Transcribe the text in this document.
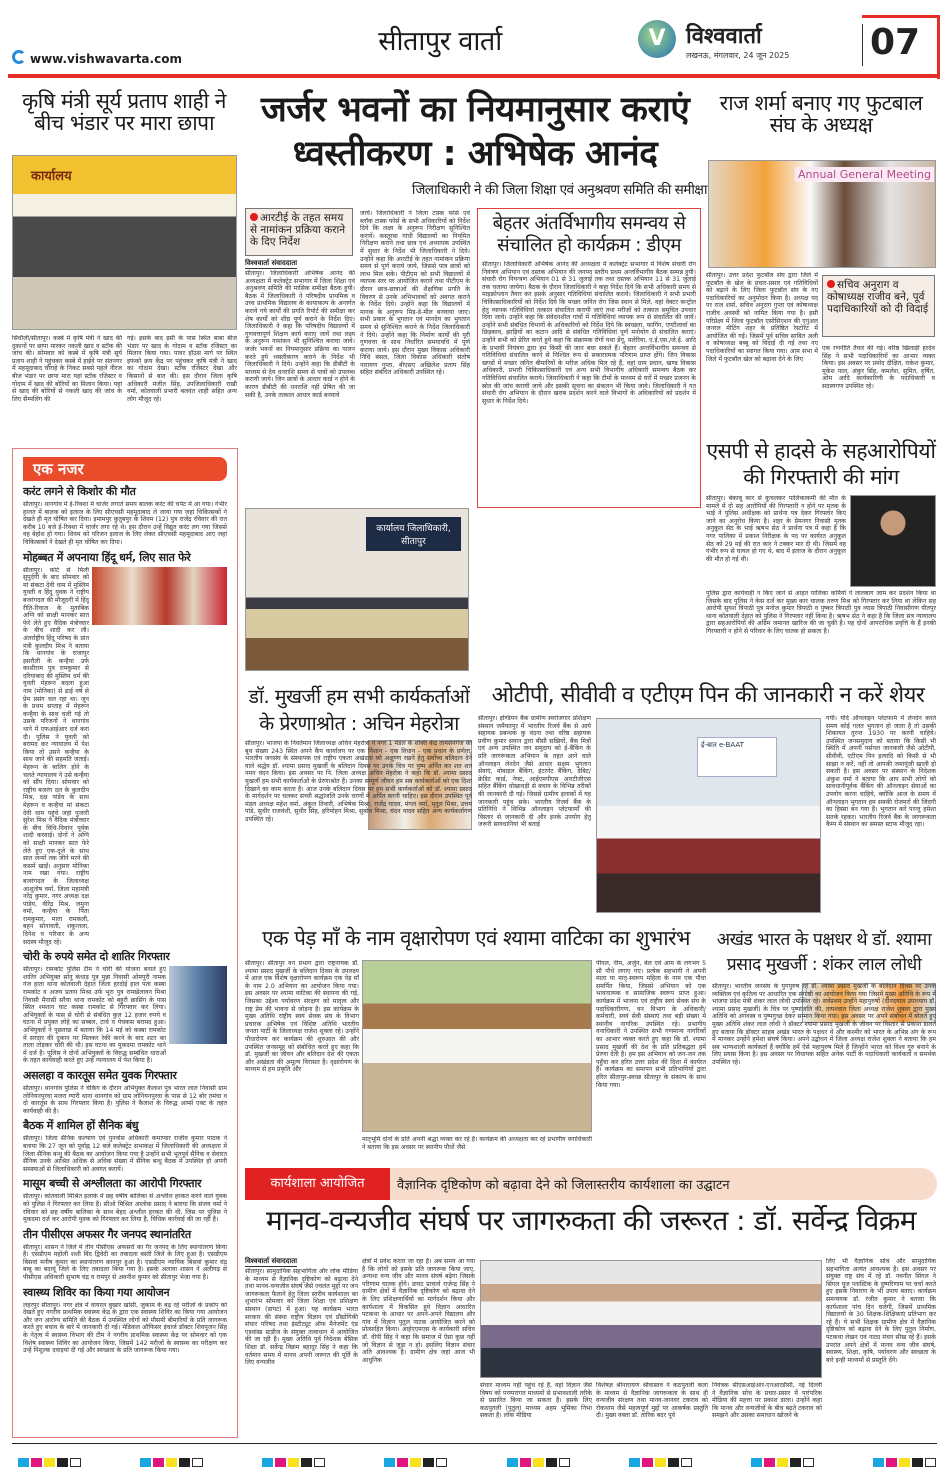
www.vishwavarta.com
सीतापुर वार्ता	V विश्ववार्ता
लखनऊ, मंगलवार, 24 जून 2025 07
कृषि मंत्री सूर्य प्रताप शाही ने बीच भंडार पर मारा छापा
कार्यालय
सिधौली/सीतापुर। कस्बे में कृषि मंत्री ने खाद की दुकानों पर छापा मारकर नकली खाद व स्टॉक की जांच की। सोमवार को कस्बे में कृषि मंत्री सूर्य प्रताप शाही ने पहुंचकर कस्बे में हाईवे पर संतनगर में महमूदाबाद चौराहे के निकट सबसे पहले नीरज बीज भंडार पर छापा मारा यहां स्टॉक रजिस्टर व गोदाम में खाद की बोरियों का मिलान किया। यहां से खाद की बोरियों से नकली खाद की जांच के लिए सैम्पलिंग की
गई। इसके बाद इसी के पास स्थित बाबा बीज भंडार पर खाद के गोदाम व स्टॉक रजिस्टर का मिलान किया गया। पावर हॉउस मार्ग पर स्थित इफको क्रय केंद्र पर पहुंचकर कृषि मंत्री ने खाद का गोदाम देखा। स्टॉक रजिस्टर देखा और किसानों से बात की। इस दौरान जिला कृषि अधिकारी मंजीत सिंह, उपजिलाधिकारी राखी वर्मा, कोतवाली प्रभारी बलवंत शाही सहित अन्य लोग मौजूद रहे।
एक नजर
करंट लगने से किशोर की मौत
सीतापुर। थानगांव में ई-रिक्शा में चार्जर लगाते समय बालक करंट की चपेट में आ गया। गंभीर हालत में बालक को इलाज के लिए सीएचसी महमूदाबाद ले जाया गया जहां चिकित्सकों ने देखते ही मृत घोषित कर दिया। इमामपुर कुतुबपुर के शिवम (12) पुत्र राजेंद्र रविवार की रात करीब 10 बजे ई-रिक्शा में चार्जर लगा रहे थे। इस दौरान उन्हें विद्युत करंट लग गया जिससे वह बेहोश हो गया। शिवम को परिजन इलाज के लिए लेकर सीएचसी महमूदाबाद आए जहां चिकित्सकों ने देखते ही मृत घोषित कर दिया।
मोहब्बत में अपनाया हिंदू धर्म, लिए सात फेरे
सीतापुर। कोर्ट से मिली सुपुर्दगी के बाद सोमवार को मां संकटा देवी धाम में मुस्लिम युवती व हिंदू युवक ने राष्ट्रीय बजरंगदल की मौजूदगी में हिंदू रीति-रिवाज के मुताबिक अग्नि को साक्षी मानकर सात फेरे लेते हुए वैदिक मंत्रोच्चार के बीच शादी कर ली। अंतर्राष्ट्रीय हिंदू परिषद के प्रांत मंत्री कुलदीप मिश्र ने बताया कि थानगांव के राजापुर इसरौली के कन्हैया उर्फ काशीराम पुत्र रामकुमार से दरियाबाद की मुस्लिम धर्म की युवती मेहरून बदला हुआ नाम (मोनिका) से ढाई वर्ष से प्रेम प्रसंग चल रहा था। जून के प्रथम सप्ताह में मेहरून कन्हैया के साथ चली गई तो उसके परिजनों ने थानगांव थाने में एफआईआर दर्ज करा दी। पुलिस ने युवती को बरामद कर न्यायालय में पेश किया तो उसने कन्हैया के साथ जाने की सहमति जताई। मेहरून के बालिग होने के चलते न्यायालय ने उसे कन्हैया को सौंप दिया। सोमवार को राष्ट्रीय बजरंग दल के कुलदीप मिश्र, दक्ष पांडेय के साथ मेहरून व कन्हैया मां संकटा देवी धाम पहुंचे जहां पुजारी सुरेश मिश्र ने वैदिक मंत्रोच्चार के बीच विधि-विधान पूर्वक शादी करवाई। दोनों ने अग्नि को साक्षी मानकर सात फेरे लेते हुए एक-दूजे के साथ सात जन्मों तक जीने मरने की कसमें खाईं। अनुसार मोनिका नाम रखा गया। राष्ट्रीय बजरंगदल के जिलाध्यक्ष आशुतोष वर्मा, जिला महामंत्री नरेंद्र कुमार, नगर अध्यक्ष दक्ष पांडेय, वीरेंद्र मिश्र, जमुना वर्मा, कन्हैया के पिता रामकुमार, माता रामकली, बहन सोनावती, शकुन्तला, दिनेश व परिवार के अन्य सदस्य मौजूद रहे।
चोरी के रुपये समेत दो शातिर गिरफ्तार
सीतापुर। रामकोट पुलिस टीम ने चोरी की योजना बनाते हुए शातिर अभियुक्त सोनू कंधाड़ पुत्र मुन्ना निवासी ओमपुरी नामक गंज हाता थाना कोतवाली देहात जिला हरदोई हाल पता कस्बा रामकोट व अजय प्रताप मिश्रा उर्फ भूरा पुत्र रामखेलावन मिश्रा निवासी मैनासी सरैया थाना रामकोट को बहुरी क्रासिंग के पास स्थित श्मशान घाट कस्बा रामकोट से गिरफ्तार कर लिया। अभियुक्तों के पास से चोरी से संबंधित कुल 12 हजार रुपये व घटना में प्रयुक्त लोहे का सब्बल, टार्च व पेचकस बरामद हुआ। अभियुक्तों ने पूछताछ में बताया कि 14 मई को कस्बा रामकोट में सरदार की दुकान पर मिलकर रेकी करने के बाद शटर का ताला तोड़कर चोरी की थी। इस घटना का मुकदमा रामकोट थाने में दर्ज है। पुलिस ने दोनों अभियुक्तों के विरुद्ध सम्बंधित धाराओं के तहत कार्यवाही करते हुए उन्हें न्यायालय में पेश किया है।
असलहा व कारतूस समेत युवक गिरफ्तार
सीतापुर। थानगांव पुलिस ने चेकिंग के दौरान अभियुक्त कैलाश पुत्र भारत लाल निवासी ग्राम लोनियनपुरवा मजरा ग्यारी थाना थानगांव को ग्राम लोनियनपुरवा के पास से 12 बोर तमंचा व दो कारतूस के साथ गिरफ्तार किया है। पुलिस ने कैलाश के विरुद्ध आर्म्स एक्ट के तहत कार्यवाही की है।
बैठक में शामिल हों सैनिक बंधु
सीतापुर। जिला सैनिक कल्याण एवं पुनर्वास अधिकारी कमाण्डर राजीव कुमार पाठक ने बताया कि 27 जून को पूर्वाह्न 12 बजे कलेक्ट्रेट सभाकक्ष में जिलाधिकारी की अध्यक्षता में जिला सैनिक बन्धु की बैठक का आयोजन किया गया है उन्होंने सभी भूतपूर्व सैनिक व सेवारत सैनिक उनके आश्रित अधिक से अधिक संख्या में सैनिक बन्धु बैठक में उपस्थित हो अपनी समस्याओं से जिलाधिकारी को अवगत करायें।
मासूम बच्ची से अश्लीलता का आरोपी गिरफ्तार
सीतापुर। कोतवाली मिश्रित इलाके में छह वर्षीय बालिका से अश्लील हरकत करने वाले युवक को पुलिस ने गिरफ्तार कर लिया है। सीओ मिश्रित आलोक प्रसाद ने बताया कि संजय वर्मा ने रविवार को छह वर्षीय बालिका के साथ बेहद अश्लील हरकत की थी, जिस पर पुलिस ने मुकदमा दर्ज कर आरोपी युवक को गिरफ्तार कर लिया है, विधिक कार्रवाई की जा रही है।
तीन पीसीएस अफसर गैर जनपद स्थानांतरित
सीतापुर। शासन ने जिले में तीन पीसीएस अफसरों का गैर जनपद के लिए स्थानांतरण किया है। एसडीएम महोली शशी बिंद द्विवेदी का तबादला बस्ती जिले के लिए हुआ है। एसडीएम बिसवां मनीष कुमार का स्थानांतरण कानपुर हुआ है। एसडीएम न्यायिक बिसवां कुमार चंद्र बाबू का बदायूं जिले के लिए तबादला किया गया है। इसके अलावा शासन ने अलीगढ़ से पीसीएस अधिकारी सुभाष चंद्र व रामपुर से अवनीश कुमार को सीतापुर भेजा गया है।
स्वास्थ्य शिविर का किया गया आयोजन
लहरपुर सीतापुर। नगर क्षेत्र में वायरल बुखार खांसी, जुकाम के बढ़ रहे मरीजों के प्रकोप को देखते हुए नगरीय प्राथमिक स्वास्थ्य केंद्र के द्वारा एक स्वास्थ्य शिविर का किया गया आयोजन और जन आरोग्य समिति की बैठक में उपस्थित लोगों को मौसमी बीमारियों के प्रति जागरूक करते हुए बचाव के बारे में जानकारी दी गई। मेडिकल ऑफिसर इंचार्ज डॉक्टर शिवपूजन सिंह के नेतृत्व में स्वास्थ्य विभाग की टीम ने नगरीय प्राथमिक स्वास्थ्य केंद्र पर सोमवार को एक विशेष स्वास्थ्य शिविर का आयोजन किया, जिसमें 142 मरीजों के स्वास्थ्य का परीक्षण कर उन्हें निशुल्क दवाइयां दी गई और स्वच्छता के प्रति जागरूक किया गया।
जर्जर भवनों का नियमानुसार कराएं ध्वस्तीकरण : अभिषेक आनंद
जिलाधिकारी ने की जिला शिक्षा एवं अनुश्रवण समिति की समीक्षा
आरटीई के तहत समय से नामांकन प्रक्रिया कराने के दिए निर्देश
विश्ववार्ता संवाददाता
सीतापुर। जिलाधिकारी अभिषेक आनंद की अध्यक्षता में कलेक्ट्रेट सभागार में जिला शिक्षा एवं अनुश्रवण समिति की मासिक समीक्षा बैठक हुयी। बैठक में जिलाधिकारी ने परिषदीय प्राथमिक व उच्च प्राथमिक विद्यालय के कायाकल्प के अन्तर्गत कराये गये कार्यों की प्रगति रिपोर्ट की समीक्षा कर शेष कार्यों को शीघ्र पूर्ण कराने के निर्देश दिए। जिलाधिकारी ने कहा कि परिषदीय विद्यालयों में गुणवत्तापूर्ण शिक्षण कार्य कराए जायें तथा लक्ष्य के अनुरूप नामांकन भी सुनिश्चित कराया जाये। जर्जर भवनों का नियमानुसार प्रक्रिया का पालन करते हुये ध्वस्तीकरण कराने के निर्देश भी जिलाधिकारी ने दिये। उन्होंने कहा कि डीबीटी के माध्यम से देय धनराशि समय से पात्रों को उपलब्ध करायी जाये। जिन छात्रों के आधार कार्ड न होने के कारण डीबीटी की धनराशि नहीं प्रेषित की जा सकी है, उनके तत्काल आधार कार्ड बनवाये
जायें। जिलाधिकारी ने जिला टास्क फोर्स एवं ब्लॉक टास्क फोर्स के सभी अधिकारियों को निर्देश दिये कि लक्ष्य के अनुरूप निरीक्षण सुनिश्चित करायें। कस्तूरबा गांधी विद्यालयों का नियमित निरीक्षण कराने तथा छात्र एवं अध्यापक उपस्थित में सुधार के निर्देश भी जिलाधिकारी ने दिये। उन्होंने कहा कि आरटीई के तहत नामांकन प्रक्रिया समय से पूर्ण कराये जाये, जिससे पात्र छात्रों को लाभ मिल सके। पीटीएम को सभी विद्यालयों में व्यापक स्तर पर आयोजित कराने तथा पीटीएम के दौरान छात्र-छात्राओं की शैक्षणिक प्रगति के विवरण से उनके अभिभावकों को अवगत कराने के निर्देश दिये। उन्होंने कहा कि विद्यालयों में मानक के अनुरूप मिड-डे-मील बनवाया जाए। सभी प्रकार के भुगतान एवं मानदेय का भुगतान समय से सुनिश्चित कराने के निर्देश जिलाधिकारी ने दिये। उन्होंने कहा कि निर्माण कार्यों की पूरी गुणवत्ता के साथ निर्धारित समयावधि में पूर्ण कराया जाये। इस दौरान मुख्य विकास अधिकारी निधि बंसल, जिला विकास अधिकारी संतोष नारायण गुप्ता, बीएसए अखिलेश प्रताप सिंह सहित संबंधित अधिकारी उपस्थित रहे।
कार्यालय जिलाधिकारी, सीतापुर
बेहतर अंतर्विभागीय समन्वय से संचालित हो कार्यक्रम : डीएम
सीतापुर। जिलाधिकारी अभिषेक आनंद की अध्यक्षता में कलेक्ट्रेट सभागार में विशेष संचारी रोग नियंत्रण अभियान एवं दस्तक अभियान की जनपद स्तरीय प्रथम अन्तर्विभागीय बैठक सम्पन्न हुयी। संचारी रोग नियन्त्रण अभियान 01 से 31 जुलाई तक तथा दस्तक अभियान 11 से 31 जुलाई तक चलाया जायेगा। बैठक के दौरान जिलाधिकारी ने कहा निर्देश दिये कि सभी अधिकारी समय से माइक्रोप्लान तैयार कर इसके अनुसार गतिविधियां संचालित कराये। जिलाधिकारी ने सभी प्रभारी चिकित्साधिकारियों को निर्देश दिये कि मच्छर जनित रोग जिस स्थान से मिले, वहां वेक्टर कन्ट्रोल हेतु व्यापक गतिविधियां तत्काल संचालित करायी जाएं तथा मरीजों को तत्काल समुचित उपचार दिया जाये। उन्होंने कहा कि संवेदनशील गांवों में गतिविधियां व्यापक रूप से संचालित की जायें। उन्होंने सभी संबंधित विभागों के अधिकारियों को निर्देश दिये कि स्वच्छता, फागिंग, एण्टीलार्वा का छिड़काव, झाड़ियों का कटान आदि से संबंधित गतिविधियां पूर्ण मनोयोग से संचालित कराएं। उन्होंने सभी को प्रेरित करते हुये कहा कि संक्रामक रोगों यथा डेंगू, मलेरिया, ए.ई.एस./जे.ई. आदि के प्रभावी नियंत्रण द्वारा हम किसी की जान बचा सकते हैं। बेहतर अन्तर्विभागीय समन्वय से गतिविधियां संचालित करने से निश्चित रूप से सकारात्मक परिणाम प्राप्त होंगे। जिन विकास खण्डों में मच्छर जनित बीमारियों के मरीज अधिक मिल रहे हैं, वहां ग्राम प्रधान, खण्ड विकास अधिकारी, प्रभारी चिकित्साधिकारी एवं अन्य सभी विभागीय अधिकारी समन्वय बैठक कर गतिविधियां संचालित कराये। जिलाधिकारी ने कहा कि टीमों के माध्यम से घरों में मच्छर प्रजनन के स्रोत की जांच करायी जाये और इसकी सूचना का संकलन भी किया जाये। जिलाधिकारी ने गत संचारी रोग अभियान के दौरान खराब प्रदर्शन करने वाले विभागों के अधिकारियों को प्रदर्शन में सुधार के निर्देश दिये।
राज शर्मा बनाए गए फुटबाल संघ के अध्यक्ष
Annual General Meeting
सीतापुर। उत्तर प्रदेश फुटबॉल संघ द्वारा जिले में फुटबॉल के खेल के प्रचार-प्रसार एवं गतिविधियों को बढ़ाने के लिए जिला फुटबॉल संघ के नए पदाधिकारियों का अनुमोदन किया है। अध्यक्ष पद पर राज शर्मा, सचिव अनुराग गुप्ता एवं कोषाध्यक्ष राजीव अवस्थी को नामित किया गया है। इसी परिप्रेक्ष्य में जिला फुटबॉल एसोसिएशन की एनुअल जनरल मीटिंग शहर के प्रतिष्ठित रेस्टोरेंट में आयोजित की गई। जिसमें पूर्व सचिव साबित अली व कोषाध्यक्ष बब्बू को विदाई दी गई तथा नए पदाधिकारियों का स्वागत किया गया। आम सभा में जिले में फुटबॉल खेल को बढ़ावा देने के लिए
सचिव अनुराग व कोषाध्यक्ष राजीव बने, पूर्व पदाधिकारियों को दी विदाई
एक रणनीति तैयार की गई। वरिष्ठ खिलाड़ी हरदेव सिंह ने सभी पदाधिकारियों का आभार व्यक्त किया। इस अवसर पर प्रमोद दीक्षित, राकेश कुमार, मुकेश पाल, अंकुर सिंह, कमलेश, सुमित, हर्षित, ओम आदि कार्यकारिणी के पदाधिकारी व सदस्यगण उपस्थित रहे।
एसपी से हादसे के सहआरोपियों की गिरफ्तारी की मांग
सीतापुर। बेकाबू कार से कुचलकर पालिकाकर्मी की मौत के मामले में दो सह आरोपियों की गिरफ्तारी न होने पर मृतक के भाई ने पुलिस अधीक्षक को प्रार्थना पत्र देकर गिरफ्तार किए जाने का अनुरोध किया है। शहर के प्रेमनगर निवासी मृतक अनुकूल सेठ के भाई ऋषभ सेठ ने प्रार्थना पत्र में कहा है कि नगर पालिका में प्रकाश निरीक्षक के पद पर कार्यरत अनुकूल सेठ को 29 मई की रात कार ने टक्कर मार दी थी। जिसमें वह गंभीर रूप से घायल हो गए थे, बाद में इलाज के दौरान अनुकूल की मौत हो गई थी।
पुलिस द्वारा कार्यवाही न किए जाने से आहत पालिका कर्मियों ने लालबाग जाम कर प्रदर्शन किया था जिसके बाद पुलिस ने केस दर्ज कर मुख्य कार चालक तरुण मिश्र को गिरफ्तार कर लिया था लेकिन सह आरोपी सुयश त्रिपाठी पुत्र मनोज कुमार त्रिपाठी व पुष्कर त्रिपाठी पुत्र व्यास त्रिपाठी निवासीगण पीतपुर थाना कोतवाली देहात को पुलिस ने गिरफ्तार नहीं किया है। ऋषभ सेठ ने कहा है कि जिला सत्र न्यायालय द्वारा सहआरोपियों की अग्रिम जमानत खारिज की जा चुकी है। यह दोनों आपराधिक प्रवृत्ति के हैं इनकी गिरफ्तारी न होने से परिवार के लिए घातक हो सकता है।
डॉ. मुखर्जी हम सभी कार्यकर्ताओं के प्रेरणाश्रोत : अचिन मेहरोत्रा
सीतापुर। भाजपा के निवर्तमान जिलाध्यक्ष अचिन मेहरोत्रा ने नगर 1 मंडल के शक्ति केंद्र तामसेनगंज की बूथ संख्या 243 स्थित अपने कैंप कार्यालय पर एक निशान - एक विधान - एक प्रधान के प्रणेता, भारतीय जनसंघ के संस्थापक एवं राष्ट्रीय एकता अखंडता को अक्षुण्ण रखने हेतु सर्वोच्च बलिदान देने वाले श्रद्धेय डॉ. श्यामा प्रसाद मुखर्जी के बलिदान दिवस पर उनके चित्र पर पुष्प अर्पित कर शत शत नमन वंदन किया। इस अवसर पर नि. जिला अध्यक्ष अचिन मेहरोत्रा ने कहा कि डॉ. श्यामा प्रसाद मुखर्जी हम सभी कार्यकर्ताओं के प्रेरणाश्रोत हैं। उनका सम्पूर्ण जीवन हम सब कार्यकर्ताओं को एक दिशा दिखाने का काम करता है। आज उनके बलिदान दिवस पर हम सभी कार्यकर्ताओं को डॉ. श्यामा प्रसाद के मार्गदर्शन पर चलकर सच्ची श्रद्धांजलि उनके चरणों में अर्पित करनी चाहिए। इस दौरान उपस्थित पूर्व मंडल अध्यक्ष महेश वर्मा, अंकुल तिवारी, अभिषेक मिश्रा, राजेंद्र यादव, मंगल वर्मा, मृदुल मिश्रा, उत्तम पांडे, सुधीर राजवंशी, सुधीर सिंह, हरिमोहन मिश्रा, सुबोध मिश्रा, चंदन यादव सहित अन्य कार्यकर्तागण उपस्थित रहे।
ओटीपी, सीवीवी व एटीएम पिन की जानकारी न करें शेयर
सीतापुर। इण्डियन बैंक ग्रामीण स्वरोजगार प्रशिक्षण संस्थान जमैयतपुर में भारतीय रिजर्व बैंक से आये सहायक प्रबन्धक कु वंदना तथा वरिष्ठ सहायक प्रवीण कुमार सवान द्वारा बीसी सखियों, बैंक मित्रों एवं अन्य उपस्थित जन समुदाय को ई-बैंकिंग के प्रति जागरूकता अभियान के तहत आने वाले ऑनलाइन लेनदेन जैसे आधार सक्षम भुगतान सेवाएं, मोबाइल बैंकिंग, इंटरनेट बैंकिंग, डेबिट/क्रेडिट कार्ड, नेफ्ट, आईएमपीएस आरटीजीएस सहित बैंकिंग धोखाधड़ी से बचाव के विभिन्न तरीकों की जानकारी दी गई। जिससे ग्रामीण इलाकों में यह जानकारी पहुंच सके। भारतीय रिजर्व बैंक के प्रतिनिधि ने विभिन्न ऑनलाइन प्लेटफार्मों की विस्तार से जानकारी दी और इनके उपयोग हेतु जरूरी सावधानियां भी बताई
ई-बात e-BAAT
गयी। यदि ऑनलाइन प्लेटफार्म में लेनदेन करते समय कोई गलत भुगतान हो जाता है तो उसकी शिकायत तुरन्त 1930 पर करनी चाहिये। उपस्थित जनसमुदाय को बताया कि किसी भी स्थिति में अपनी पर्सनल जानकारी जैसे ओटीपी, सीवीवी, एटीएम पिन इत्यादि को किसी से भी साझा न करें, नहीं तो आपकी जमापूंजी खाली हो सकती है। इस अवसर पर संस्थान के निदेशक अंकुश वर्मा ने बताया कि आप सभी लोगों को सावधानीपूर्वक बैंकिंग की ऑनलाइन सेवाओं का उपयोग करना चाहिये, क्योंकि आज के समय में ऑनलाइन भुगतान हम सबकी रोजमर्रा की जिंदगी का हिस्सा बन गया है। भुगतान करें परन्तु हमेशा सतर्क रहकर। भारतीय रिजर्व बैंक के जागरूकता कैम्प में संस्थान का समस्त स्टाफ मौजूद रहा।
एक पेड़ माँ के नाम वृक्षारोपण एवं श्यामा वाटिका का शुभारंभ
सीतापुर। सीतापुर वन प्रभाग द्वारा राष्ट्रनायक डॉ. श्यामा प्रसाद मुखर्जी के बलिदान दिवस के उपलक्ष्य में आज एक विशेष वृक्षारोपण कार्यक्रम एक पेड़ माँ के नाम 2.0 अभियान का आयोजन किया गया। इस अवसर पर श्यामा वाटिका की स्थापना की गई, जिसका उद्देश्य पर्यावरण संरक्षण को मातृत्व और राष्ट्र प्रेम की भावना से जोड़ना है। इस कार्यक्रम के मुख्य अतिथि राष्ट्रीय स्वयं सेवक संघ के विभाग प्रचारक अभिषेक एवं विशिष्ट अतिथि भारतीय जनता पार्टी के जिलाध्यक्ष राजेश शुक्ला रहे। उन्होंने पौधारोपण कर कार्यक्रम की शुरुआत की और उपस्थित जनसमूह को संबोधित करते हुए कहा कि डॉ. मुखर्जी का जीवन और बलिदान देश की एकता और अखंडता की अमूल्य विरासत है। वृक्षारोपण के माध्यम से हम प्रकृति और
मातृभूमि दोनों के प्रति अपनी श्रद्धा व्यक्त कर रहे हैं। कार्यक्रम की अध्यक्षता कर रहे प्रभागीय वनाधिकारी ने बताया कि इस अवसर पर स्थानीय पौधों जैसे
पीपल, नीम, अर्जुन, बेल एवं आम के लगभग 5 सौ पौधे लगाए गए। प्रत्येक सहभागी ने अपनी माता या मातृ-स्वरूप महिला के नाम एक पौधा समर्पित किया, जिससे अभियान को एक भावनात्मक व सामाजिक स्वरूप प्राप्त हुआ। कार्यक्रम में भाजपा एवं राष्ट्रीय स्वयं सेवक संघ के पदाधिकारीगण, वन विभाग के अधिकारी/कर्मचारी, स्वयं सेवी संस्थाएं तथा बड़ी संख्या में स्थानीय नागरिक उपस्थित रहे। प्रभागीय वनाधिकारी ने उपस्थित सभी गणमान्य नागरिकों का आभार व्यक्त करते हुए कहा कि डॉ. श्यामा प्रसाद मुखर्जी की देश के प्रति प्रतिबद्धता हमें प्रेरणा देती है। हम इस अभियान को जन-जन तक पहुँचा कर हरित उत्तर प्रदेश की दिशा में कार्यरत हैं। कार्यक्रम का समापन सभी प्रतिभागियों द्वारा हरित सीतापुर-स्वच्छ सीतापुर के संकल्प के साथ किया गया।
अखंड भारत के पक्षधर थे डॉ. श्यामा प्रसाद मुखर्जी : शंकर लाल लोधी
सीतापुर। भारतीय जनसंघ के युगपुरुष रहे डॉ. श्यामा प्रसाद मुखर्जी के बलिदान दिवस पर उनके व्यक्तित्व एवं कृतित्व पर आधारित एक संगोष्ठी का आयोजन किया गया जिसमें मुख्य अतिथि के रूप में भाजपा प्रदेश मंत्री शंकर लाल लोधी उपस्थित रहे। सर्वप्रथम उन्होंने महापुरुषों (दीनदयाल उपाध्याय डॉ. श्यामा प्रसाद मुखर्जी) के चित्र पर पुष्पांजलि की, तत्पश्चात जिला अध्यक्ष राजेश शुक्ला द्वारा मुख्य अतिथि को अंगवस्त्र व पुष्पगुच्छ देकर सम्मान किया गया। इस अवसर पर अपने संबोधन में बोलते हुए मुख्य अतिथि शंकर लाल लोधी ने डॉक्टर श्यामा प्रसाद मुखर्जी के जीवन पर विस्तार से प्रकाश डालते हुए बताया कि डॉक्टर साहब अखंड भारत के पक्षधर थे और कश्मीर को भारत के अभिन्न अंग के रूप में मानकर उन्होंने हमेशा संघर्ष किया। अपने उद्बोधन में जिला अध्यक्ष राजेश शुक्ला ने बताया कि हम सब भाग्यशाली कार्यकर्ता हैं क्योंकि हमें ऐसे महापुरुष मिले हैं जिन्होंने भारत को विश्व गुरु बनाने के लिए प्रयास किया है। इस अवसर पर विधायक सहित अनेक पार्टी के पदाधिकारी कार्यकर्ता व समर्थक उपस्थित रहे।
कार्यशाला आयोजित	वैज्ञानिक दृष्टिकोण को बढ़ावा देने को जिलास्तरीय कार्यशाला का उद्घाटन
मानव-वन्यजीव संघर्ष पर जागरुकता की जरूरत : डॉ. सर्वेन्द्र विक्रम
विश्ववार्ता संवाददाता
सीतापुर। सामुदायिक सहभागिता और लोक मीडिया के माध्यम से वैज्ञानिक दृष्टिकोण को बढ़ावा देने तथा मानव-वन्यजीव संघर्ष जैसे ज्वलंत मुद्दों पर जन जागरूकता फैलाने हेतु जिला स्तरीय कार्यशाला का शुभारंभ सोमवार को जिला शिक्षा एवं प्रशिक्षण संस्थान (डायट) में हुआ। यह कार्यक्रम भारत सरकार की संस्था राष्ट्रीय विज्ञान एवं प्रौद्योगिकी संचार परिषद तथा इंस्टीट्यूट ऑफ मैनेजमेंट एंड एडवांस्ड स्टडीज के संयुक्त तत्वाधान में आयोजित की जा रही है। मुख्य अतिथि पूर्व निदेशक बेसिक शिक्षा डॉ. सर्वेन्द्र विक्रम बहादुर सिंह ने कहा कि वर्तमान समय में मानव अपनी जरूरत की पूर्ति के लिए वन्यजीव
क्षेत्रों में प्रवेश करता जा रहा है। अब समय आ गया है कि लोगों को इसके प्रति जागरूक किया जाए, अन्यथा वन्य जीव और मानव संघर्ष बढ़ेगा जिसके परिणाम घातक होंगे। डायट प्राचार्य राजेन्द्र सिंह ने ग्रामीण क्षेत्रों में वैज्ञानिक दृष्टिकोण को बढ़ावा देने के लिए प्रशिक्षणार्थियों का मार्गदर्शन किया और कार्यशाला में विकसित हुये विज्ञान आधारित पटकथा के आधार पर अपने-अपने विद्यालय और गांव में विज्ञान पुतुल नाटक आयोजित करने को प्रोत्साहित किया। आईएएमएस के कार्यकारी सचिव डॉ. वीपी सिंह ने कहा कि समाज में ऐसा कुछ नहीं जो विज्ञान से जुड़ा न हो। इसलिए विज्ञान संचार अति आवश्यक है। ग्रामीण क्षेत्र जहां आज भी आधुनिक
संचार माध्यम नहीं पहुंच रहे हैं, वहां विज्ञान जैसे विषय को परम्परागत माध्यमों से प्रभावशाली तरीके से प्रसारित किया जा सकता है। इसके लिए कठपुतली (पुतुल) माध्यम अहम भूमिका निभा सकता है। लोक मीडिया
विशेषज्ञ श्रीनारायण श्रीवास्तव ने कठपुतली कला के माध्यम से वैज्ञानिक जागरूकता के साथ ही वन्यजीव संरक्षण तथा मानव-जानवर टकराव को रोकथाम जैसे महत्वपूर्ण मुद्दों पर आकर्षक प्रस्तुति दी। मुख्य वक्ता डॉ. तारिक बदर पूर्व
नियंत्रक सीएसआईआर-एनआरडीसी, नई दिल्ली ने वैज्ञानिक सोच के प्रचार-प्रसार में पारंपरिक मीडिया की महत्ता पर प्रकाश डाला। उन्होंने कहा कि मानव और वन्यजीवों के बीच बढ़ते टकराव को समझने और उसका समाधान खोजने के
लिए भी वैज्ञानिक सोच और सामुदायिक सहभागिता अत्यंत आवश्यक है। इस अवसर पर संयुक्त राष्ट्र संघ में रहे डॉ. नवनीत सिंगल ने सिंगल यूज प्लास्टिक के दुष्परिणाम पर चर्चा करते हुए इसके निवारण के भी उपाय बताए। कार्यक्रम समन्वयक डॉ. रंजीत कुमार ने बताया कि कार्यशाला पांच दिन चलेगी, जिसमें प्राथमिक विद्यालयों के 30 शिक्षक-शिक्षिकाएं प्रतिभाग कर रहे हैं। ये सभी शिक्षक ग्रामीण क्षेत्र में वैज्ञानिक दृष्टिकोण को बढ़ावा देने के लिए पुतुल निर्माण, पटकथा लेखन एवं नाट्य मंचन सीख रहे हैं। इसके उपरांत अपने क्षेत्रों में मानव वन्य जीव संघर्ष, स्वास्थ्य, शिक्षा, कृषि, पर्यावरण और स्वच्छता के बारे इन्ही माध्यमों से प्रस्तुति देंगे।
